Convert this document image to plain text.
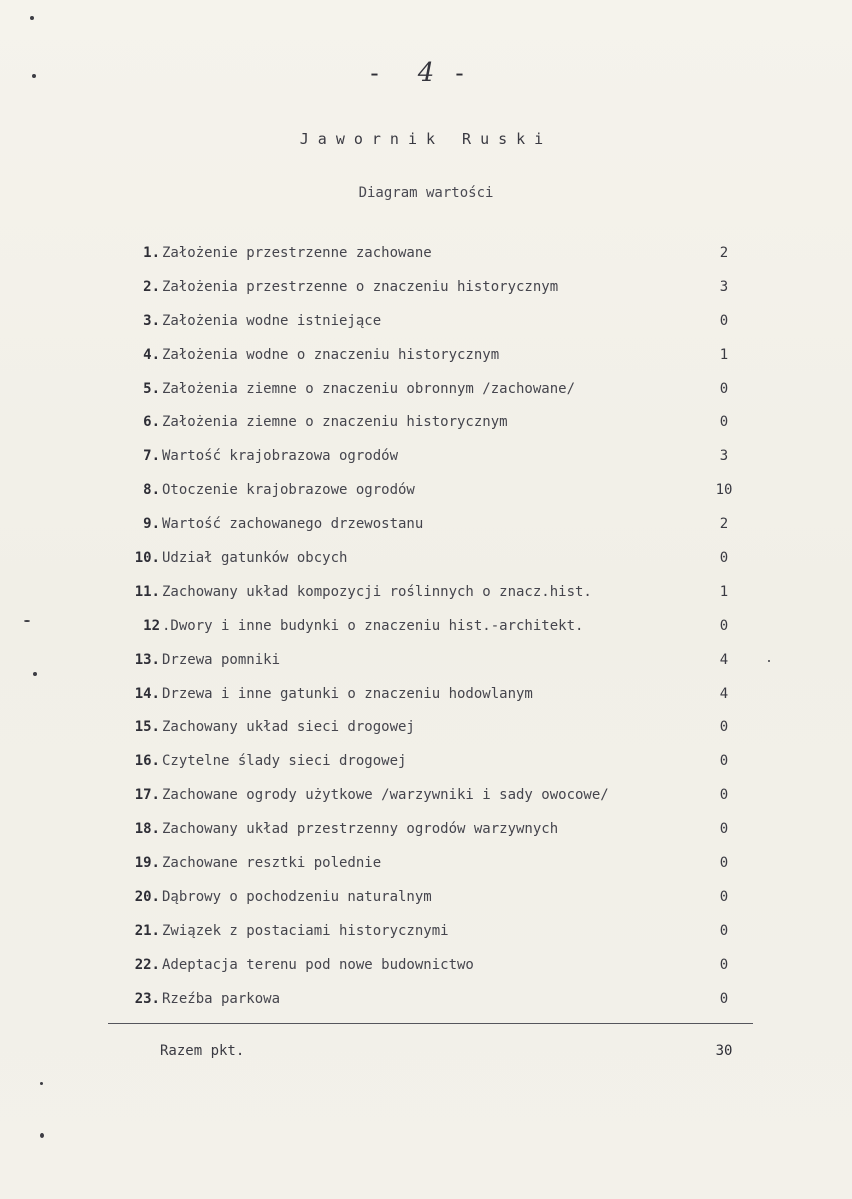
- 4 -
Jawornik Ruski
Diagram wartości
1. Założenie przestrzenne zachowane	2
2. Założenia przestrzenne o znaczeniu historycznym	3
3. Założenia wodne istniejące	0
4. Założenia wodne o znaczeniu historycznym	1
5. Założenia ziemne o znaczeniu obronnym /zachowane/	0
6. Założenia ziemne o znaczeniu historycznym	0
7. Wartość krajobrazowa ogrodów	3
8. Otoczenie krajobrazowe ogrodów	10
9. Wartość zachowanego drzewostanu	2
10. Udział gatunków obcych	0
11. Zachowany układ kompozycji roślinnych o znacz.hist.	1
12 .Dwory i inne budynki o znaczeniu hist.-architekt.	0
13. Drzewa pomniki	4
14. Drzewa i inne gatunki o znaczeniu hodowlanym	4
15. Zachowany układ sieci drogowej	0
16. Czytelne ślady sieci drogowej	0
17. Zachowane ogrody użytkowe /warzywniki i sady owocowe/	0
18. Zachowany układ przestrzenny ogrodów warzywnych	0
19. Zachowane resztki polednie	0
20. Dąbrowy o pochodzeniu naturalnym	0
21. Związek z postaciami historycznymi	0
22. Adeptacja terenu pod nowe budownictwo	0
23. Rzeźba parkowa	0
Razem pkt.	30
